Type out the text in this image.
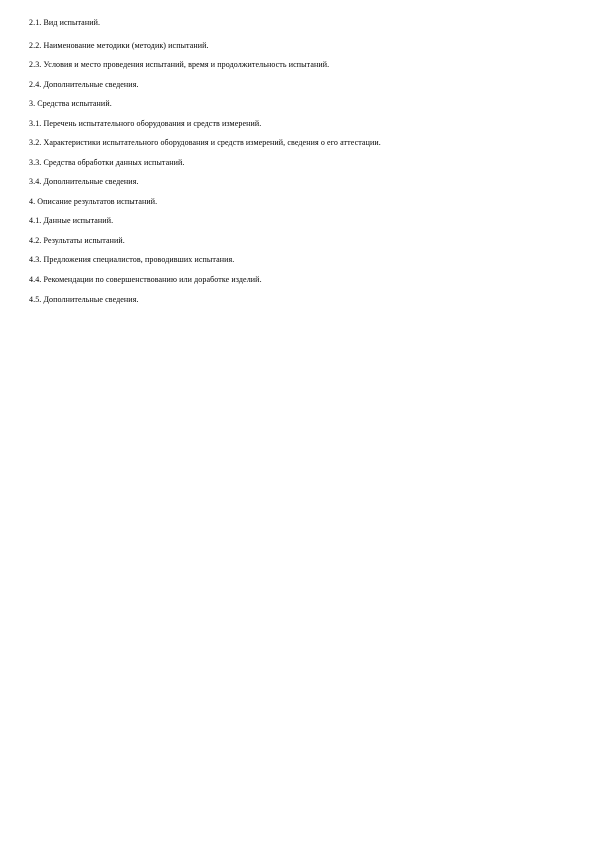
2.1. Вид испытаний.
2.2. Наименование методики (методик) испытаний.
2.3. Условия и место проведения испытаний, время и продолжительность испытаний.
2.4. Дополнительные сведения.
3. Средства испытаний.
3.1. Перечень испытательного оборудования и средств измерений.
3.2. Характеристики испытательного оборудования и средств измерений, сведения о его аттестации.
3.3. Средства обработки данных испытаний.
3.4. Дополнительные сведения.
4. Описание результатов испытаний.
4.1. Данные испытаний.
4.2. Результаты испытаний.
4.3. Предложения специалистов, проводивших испытания.
4.4. Рекомендации по совершенствованию или доработке изделий.
4.5. Дополнительные сведения.
